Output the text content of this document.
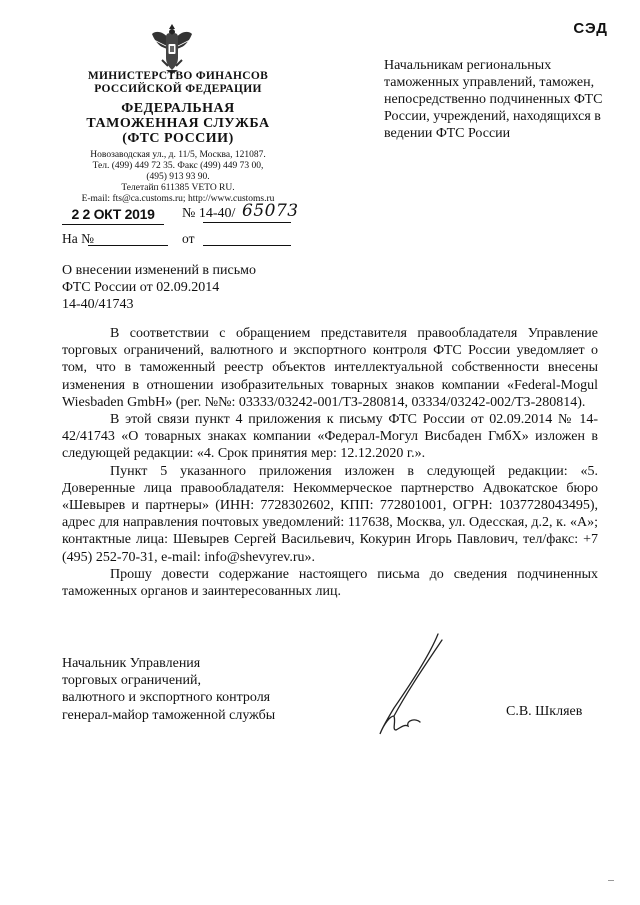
СЭД
МИНИСТЕРСТВО ФИНАНСОВ
РОССИЙСКОЙ ФЕДЕРАЦИИ
ФЕДЕРАЛЬНАЯ
ТАМОЖЕННАЯ СЛУЖБА
(ФТС РОССИИ)
Новозаводская ул., д. 11/5, Москва, 121087.
Тел. (499) 449 72 35. Факс (499) 449 73 00,
(495) 913 93 90.
Телетайп 611385 VETO RU.
E-mail: fts@ca.customs.ru; http://www.customs.ru
2 2 ОКТ 2019	№ 14-40/ 65073
На №	от
Начальникам региональных таможенных управлений, таможен, непосредственно подчиненных ФТС России, учреждений, находящихся в ведении ФТС России
О внесении изменений в письмо
ФТС России от 02.09.2014
14-40/41743

В соответствии с обращением представителя правообладателя Управление торговых ограничений, валютного и экспортного контроля ФТС России уведомляет о том, что в таможенный реестр объектов интеллектуальной собственности внесены изменения в отношении изобразительных товарных знаков компании «Federal-Mogul Wiesbaden GmbH» (рег. №№: 03333/03242-001/ТЗ-280814, 03334/03242-002/ТЗ-280814).

В этой связи пункт 4 приложения к письму ФТС России от 02.09.2014 № 14-42/41743 «О товарных знаках компании «Федерал-Могул Висбаден ГмбХ» изложен в следующей редакции: «4. Срок принятия мер: 12.12.2020 г.».

Пункт 5 указанного приложения изложен в следующей редакции: «5. Доверенные лица правообладателя: Некоммерческое партнерство Адвокатское бюро «Шевырев и партнеры» (ИНН: 7728302602, КПП: 772801001, ОГРН: 1037728043495), адрес для направления почтовых уведомлений: 117638, Москва, ул. Одесская, д.2, к. «А»; контактные лица: Шевырев Сергей Васильевич, Кокурин Игорь Павлович, тел/факс: +7 (495) 252-70-31, e-mail: info@shevyrev.ru».

Прошу довести содержание настоящего письма до сведения подчиненных таможенных органов и заинтересованных лиц.

Начальник Управления
торговых ограничений,
валютного и экспортного контроля
генерал-майор таможенной службы	С.В. Шкляев
